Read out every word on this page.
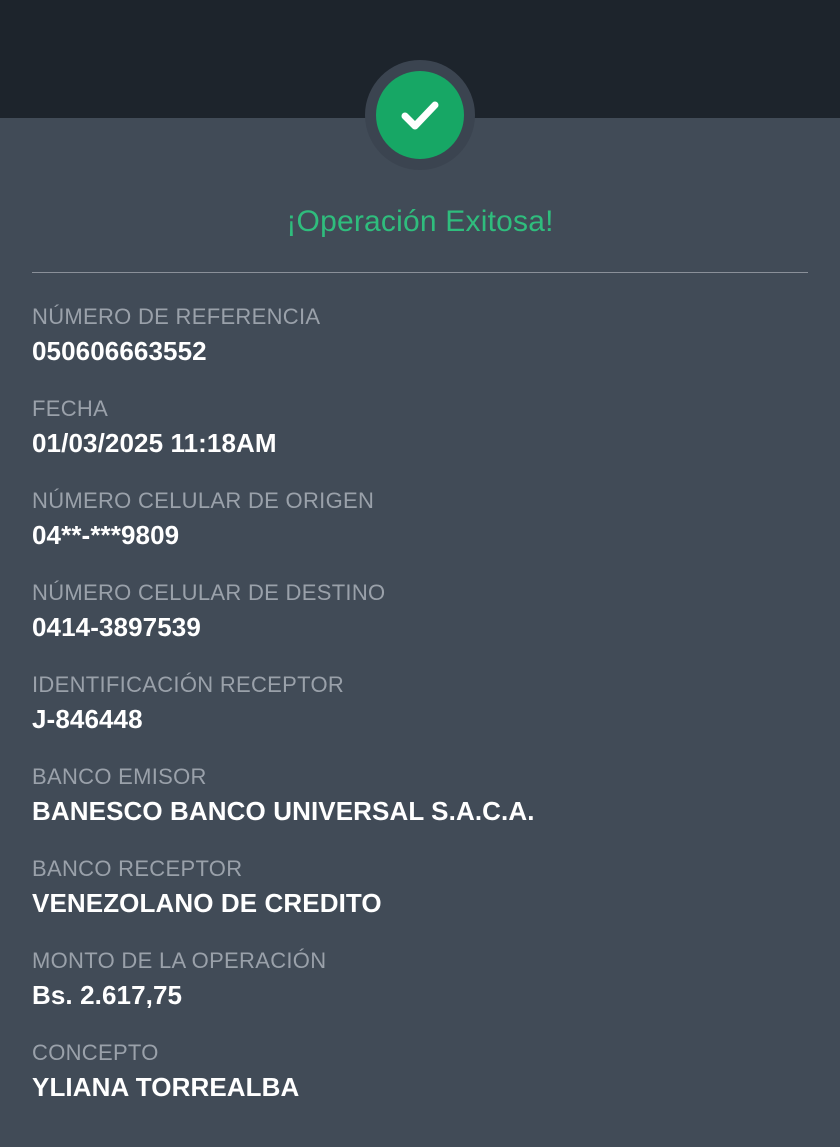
¡Operación Exitosa!
NÚMERO DE REFERENCIA
050606663552
FECHA
01/03/2025 11:18AM
NÚMERO CELULAR DE ORIGEN
04**-***9809
NÚMERO CELULAR DE DESTINO
0414-3897539
IDENTIFICACIÓN RECEPTOR
J-846448
BANCO EMISOR
BANESCO BANCO UNIVERSAL S.A.C.A.
BANCO RECEPTOR
VENEZOLANO DE CREDITO
MONTO DE LA OPERACIÓN
Bs. 2.617,75
CONCEPTO
YLIANA TORREALBA
